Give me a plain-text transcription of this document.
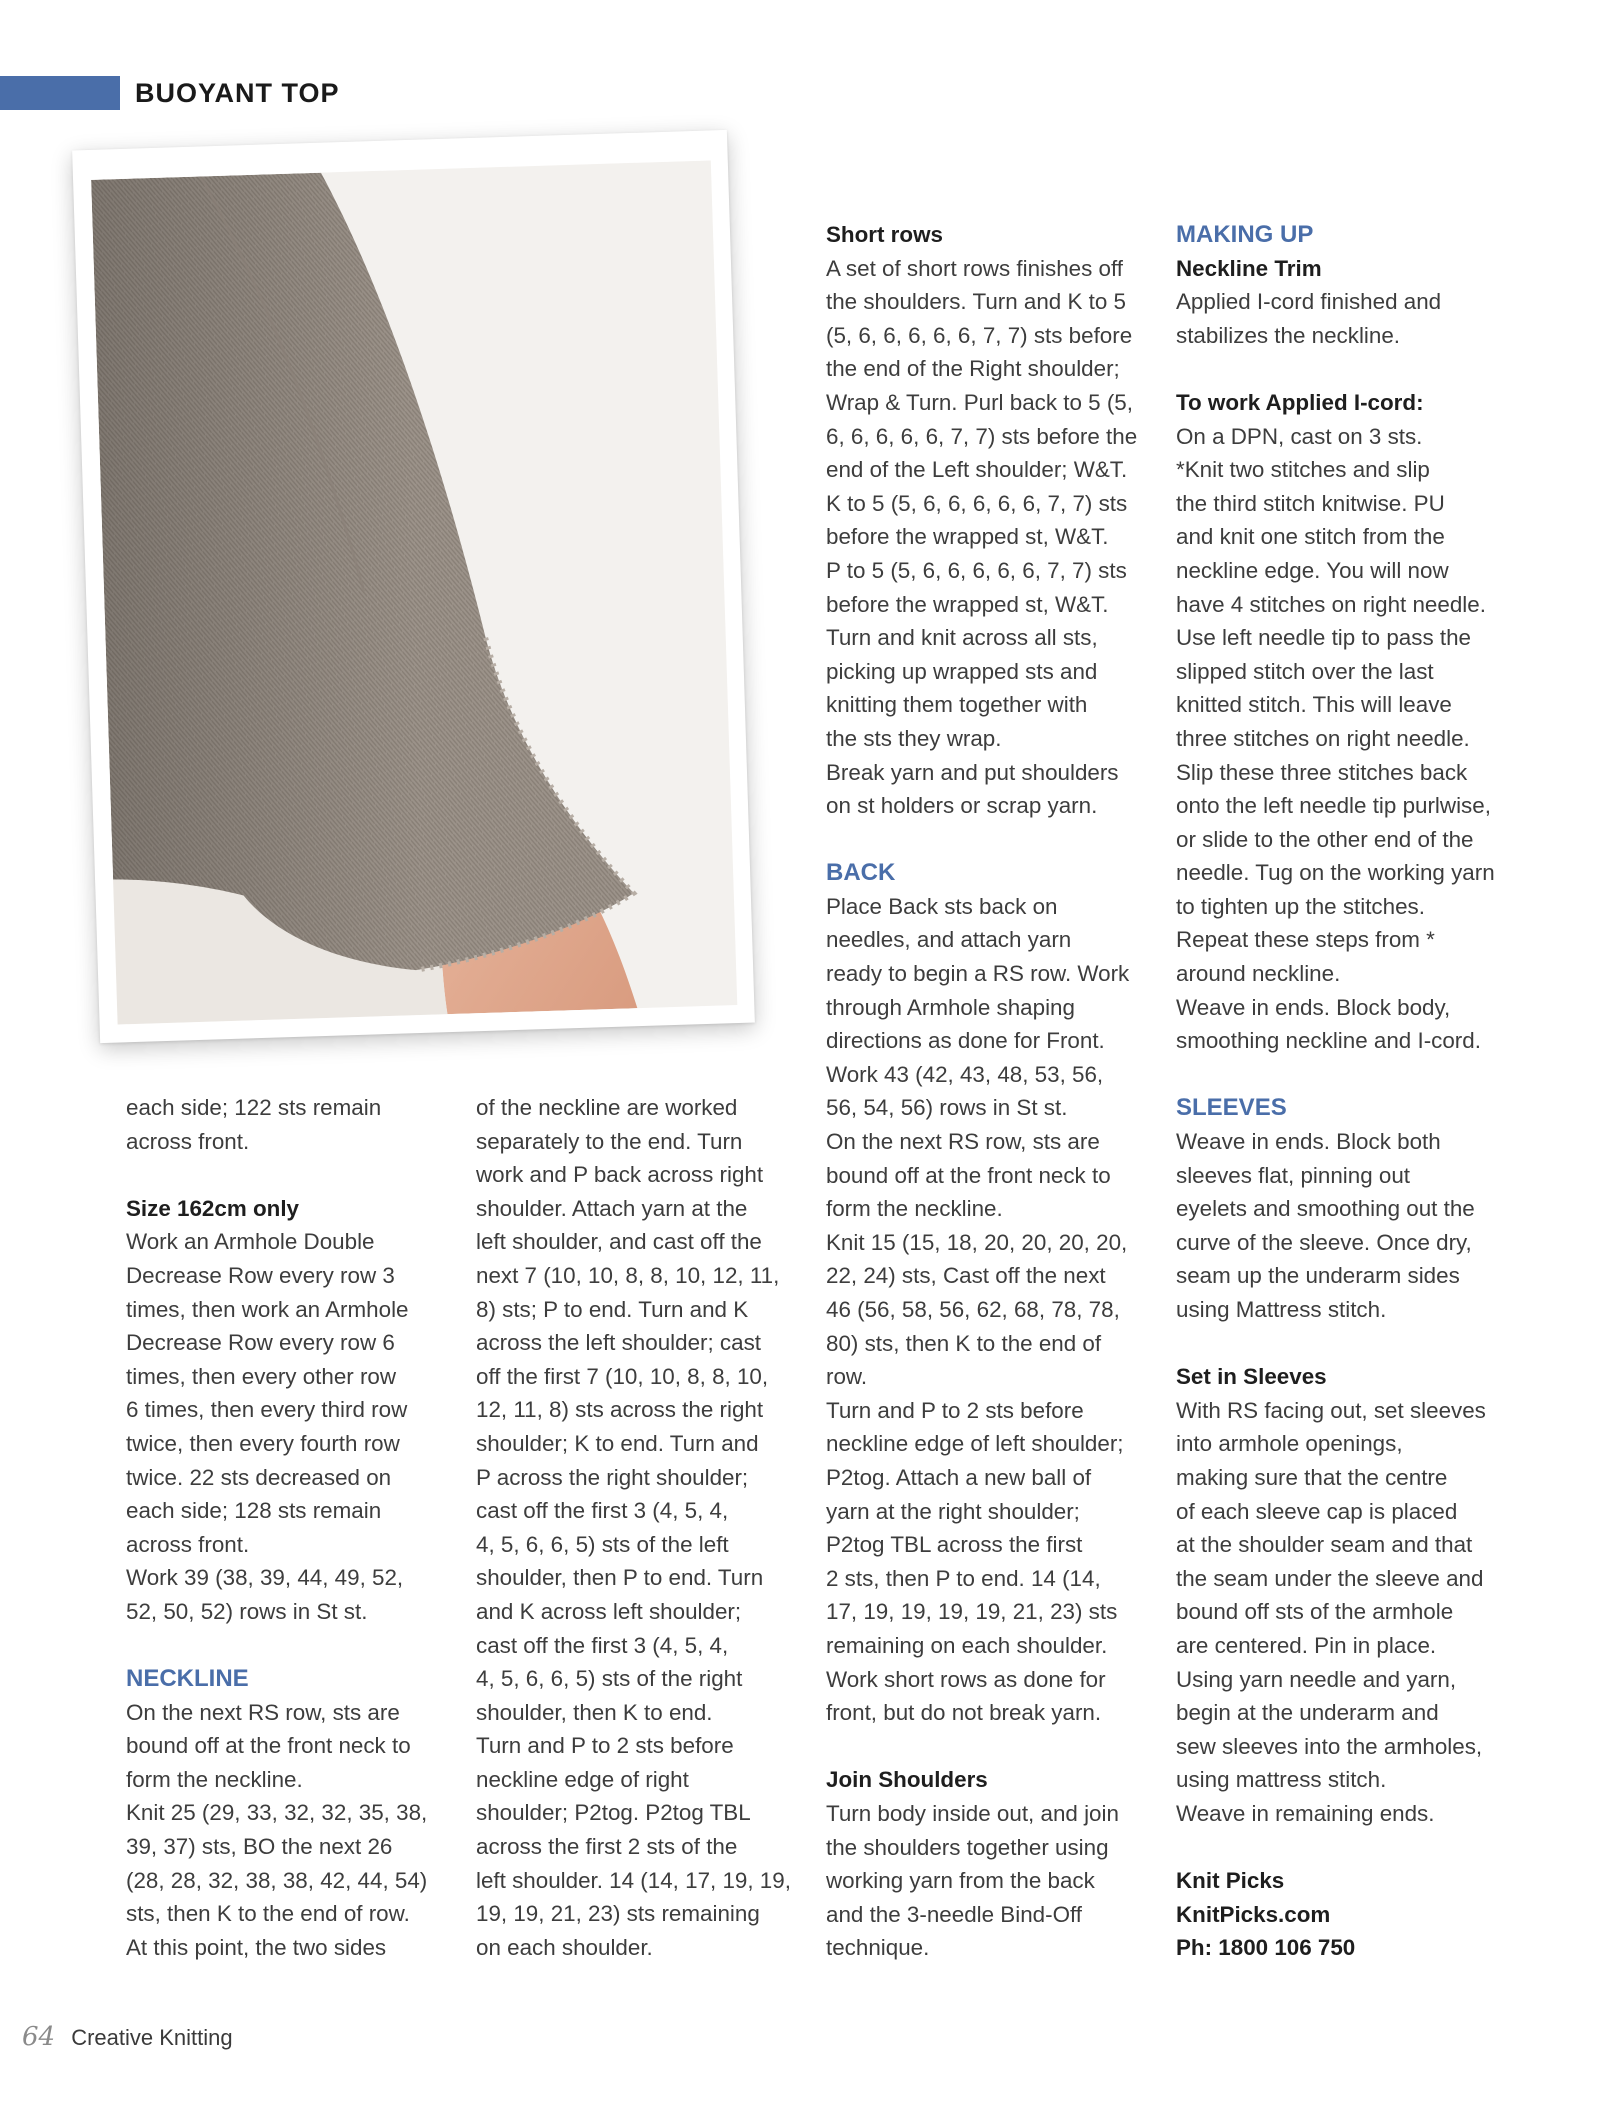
BUOYANT TOP

each side; 122 sts remain

across front.

Size 162cm only

Work an Armhole Double

Decrease Row every row 3

times, then work an Armhole

Decrease Row every row 6

times, then every other row

6 times, then every third row

twice, then every fourth row

twice. 22 sts decreased on

each side; 128 sts remain

across front.

Work 39 (38, 39, 44, 49, 52,

52, 50, 52) rows in St st.

NECKLINE

On the next RS row, sts are

bound off at the front neck to

form the neckline.

Knit 25 (29, 33, 32, 32, 35, 38,

39, 37) sts, BO the next 26

(28, 28, 32, 38, 38, 42, 44, 54)

sts, then K to the end of row.

At this point, the two sides

of the neckline are worked

separately to the end. Turn

work and P back across right

shoulder. Attach yarn at the

left shoulder, and cast off the

next 7 (10, 10, 8, 8, 10, 12, 11,

8) sts; P to end. Turn and K

across the left shoulder; cast

off the first 7 (10, 10, 8, 8, 10,

12, 11, 8) sts across the right

shoulder; K to end. Turn and

P across the right shoulder;

cast off the first 3 (4, 5, 4,

4, 5, 6, 6, 5) sts of the left

shoulder, then P to end. Turn

and K across left shoulder;

cast off the first 3 (4, 5, 4,

4, 5, 6, 6, 5) sts of the right

shoulder, then K to end.

Turn and P to 2 sts before

neckline edge of right

shoulder; P2tog. P2tog TBL

across the first 2 sts of the

left shoulder. 14 (14, 17, 19, 19,

19, 19, 21, 23) sts remaining

on each shoulder.

Short rows

A set of short rows finishes off

the shoulders. Turn and K to 5

(5, 6, 6, 6, 6, 6, 7, 7) sts before

the end of the Right shoulder;

Wrap & Turn. Purl back to 5 (5,

6, 6, 6, 6, 6, 7, 7) sts before the

end of the Left shoulder; W&T.

K to 5 (5, 6, 6, 6, 6, 6, 7, 7) sts

before the wrapped st, W&T.

P to 5 (5, 6, 6, 6, 6, 6, 7, 7) sts

before the wrapped st, W&T.

Turn and knit across all sts,

picking up wrapped sts and

knitting them together with

the sts they wrap.

Break yarn and put shoulders

on st holders or scrap yarn.

BACK

Place Back sts back on

needles, and attach yarn

ready to begin a RS row. Work

through Armhole shaping

directions as done for Front.

Work 43 (42, 43, 48, 53, 56,

56, 54, 56) rows in St st.

On the next RS row, sts are

bound off at the front neck to

form the neckline.

Knit 15 (15, 18, 20, 20, 20, 20,

22, 24) sts, Cast off the next

46 (56, 58, 56, 62, 68, 78, 78,

80) sts, then K to the end of

row.

Turn and P to 2 sts before

neckline edge of left shoulder;

P2tog. Attach a new ball of

yarn at the right shoulder;

P2tog TBL across the first

2 sts, then P to end. 14 (14,

17, 19, 19, 19, 19, 21, 23) sts

remaining on each shoulder.

Work short rows as done for

front, but do not break yarn.

Join Shoulders

Turn body inside out, and join

the shoulders together using

working yarn from the back

and the 3-needle Bind-Off

technique.

MAKING UP

Neckline Trim

Applied I-cord finished and

stabilizes the neckline.

To work Applied I-cord:

On a DPN, cast on 3 sts.

*Knit two stitches and slip

the third stitch knitwise. PU

and knit one stitch from the

neckline edge. You will now

have 4 stitches on right needle.

Use left needle tip to pass the

slipped stitch over the last

knitted stitch. This will leave

three stitches on right needle.

Slip these three stitches back

onto the left needle tip purlwise,

or slide to the other end of the

needle. Tug on the working yarn

to tighten up the stitches.

Repeat these steps from *

around neckline.

Weave in ends. Block body,

smoothing neckline and I-cord.

SLEEVES

Weave in ends. Block both

sleeves flat, pinning out

eyelets and smoothing out the

curve of the sleeve. Once dry,

seam up the underarm sides

using Mattress stitch.

Set in Sleeves

With RS facing out, set sleeves

into armhole openings,

making sure that the centre

of each sleeve cap is placed

at the shoulder seam and that

the seam under the sleeve and

bound off sts of the armhole

are centered. Pin in place.

Using yarn needle and yarn,

begin at the underarm and

sew sleeves into the armholes,

using mattress stitch.

Weave in remaining ends.

Knit Picks

KnitPicks.com

Ph: 1800 106 750

64 Creative Knitting
